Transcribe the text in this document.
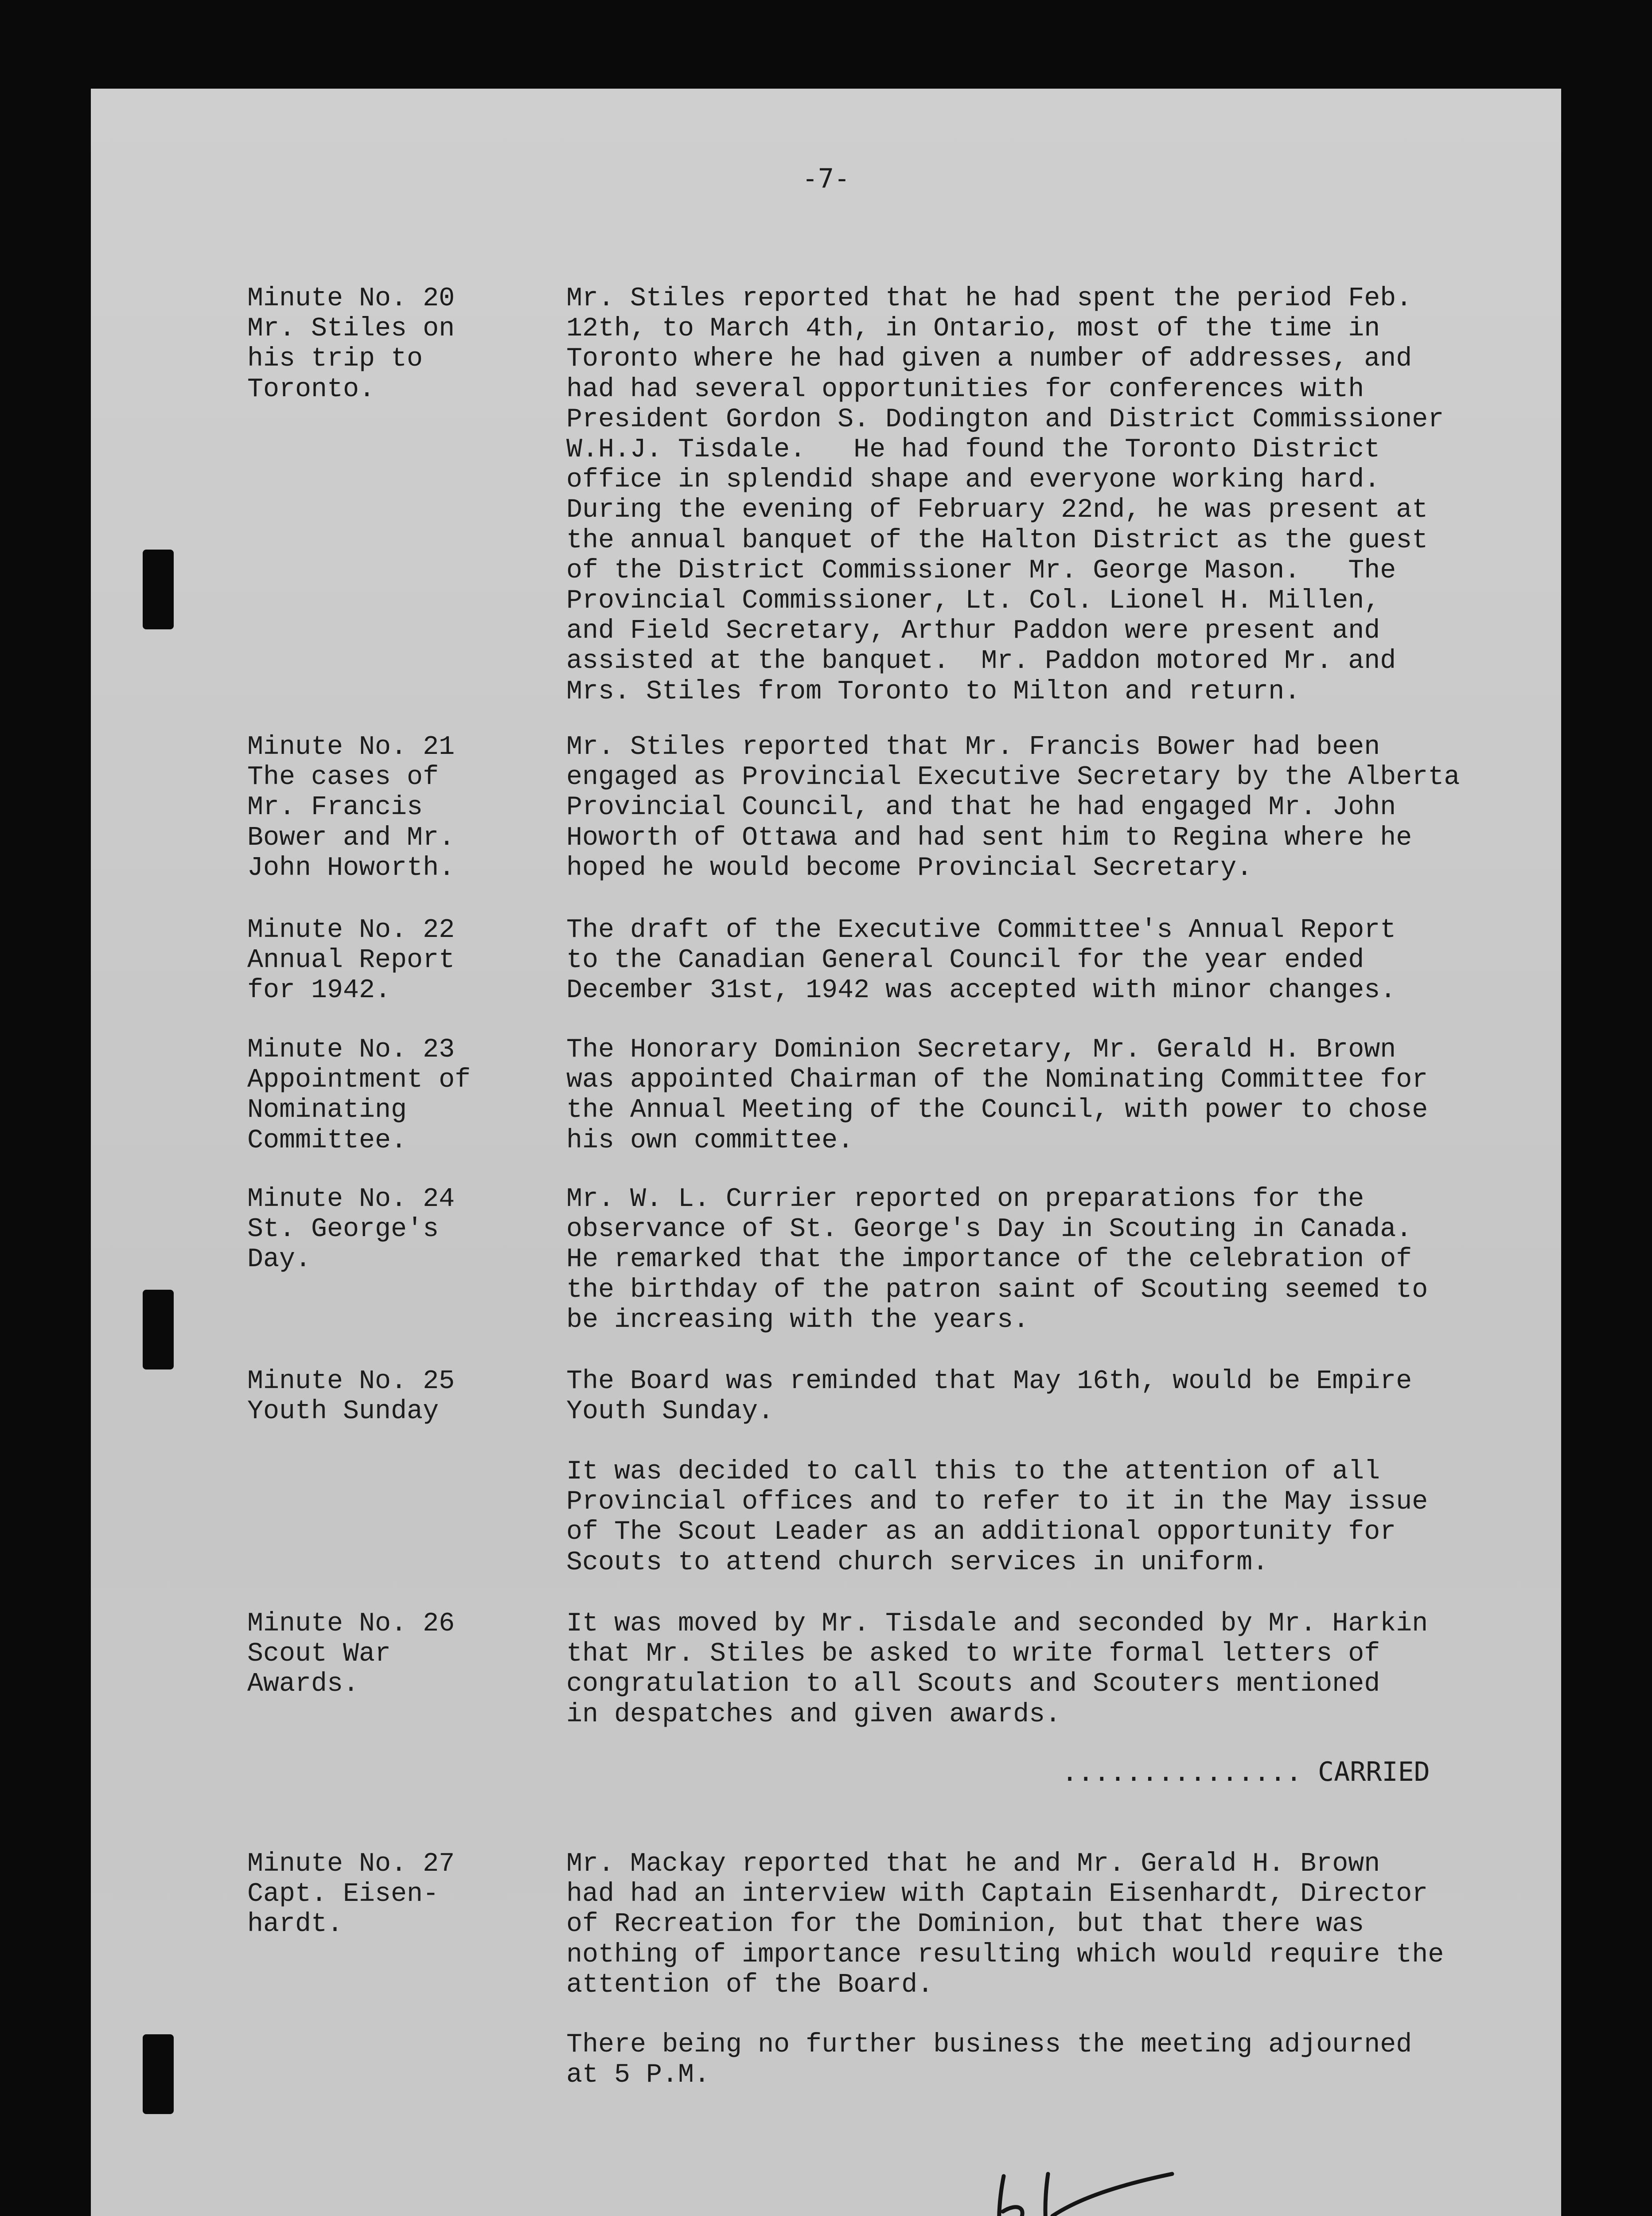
-7-
Minute No. 20
Mr. Stiles on
his trip to
Toronto.
Mr. Stiles reported that he had spent the period Feb.
12th, to March 4th, in Ontario, most of the time in
Toronto where he had given a number of addresses, and
had had several opportunities for conferences with
President Gordon S. Dodington and District Commissioner
W.H.J. Tisdale.   He had found the Toronto District
office in splendid shape and everyone working hard.
During the evening of February 22nd, he was present at
the annual banquet of the Halton District as the guest
of the District Commissioner Mr. George Mason.   The
Provincial Commissioner, Lt. Col. Lionel H. Millen,
and Field Secretary, Arthur Paddon were present and
assisted at the banquet.  Mr. Paddon motored Mr. and
Mrs. Stiles from Toronto to Milton and return.
Minute No. 21
The cases of
Mr. Francis
Bower and Mr.
John Howorth.
Mr. Stiles reported that Mr. Francis Bower had been
engaged as Provincial Executive Secretary by the Alberta
Provincial Council, and that he had engaged Mr. John
Howorth of Ottawa and had sent him to Regina where he
hoped he would become Provincial Secretary.
Minute No. 22
Annual Report
for 1942.
The draft of the Executive Committee's Annual Report
to the Canadian General Council for the year ended
December 31st, 1942 was accepted with minor changes.
Minute No. 23
Appointment of
Nominating
Committee.
The Honorary Dominion Secretary, Mr. Gerald H. Brown
was appointed Chairman of the Nominating Committee for
the Annual Meeting of the Council, with power to chose
his own committee.
Minute No. 24
St. George's
Day.
Mr. W. L. Currier reported on preparations for the
observance of St. George's Day in Scouting in Canada.
He remarked that the importance of the celebration of
the birthday of the patron saint of Scouting seemed to
be increasing with the years.
Minute No. 25
Youth Sunday
The Board was reminded that May 16th, would be Empire
Youth Sunday.
It was decided to call this to the attention of all
Provincial offices and to refer to it in the May issue
of The Scout Leader as an additional opportunity for
Scouts to attend church services in uniform.
Minute No. 26
Scout War
Awards.
It was moved by Mr. Tisdale and seconded by Mr. Harkin
that Mr. Stiles be asked to write formal letters of
congratulation to all Scouts and Scouters mentioned
in despatches and given awards.
............... CARRIED
Minute No. 27
Capt. Eisen-
hardt.
Mr. Mackay reported that he and Mr. Gerald H. Brown
had had an interview with Captain Eisenhardt, Director
of Recreation for the Dominion, but that there was
nothing of importance resulting which would require the
attention of the Board.
There being no further business the meeting adjourned
at 5 P.M.
